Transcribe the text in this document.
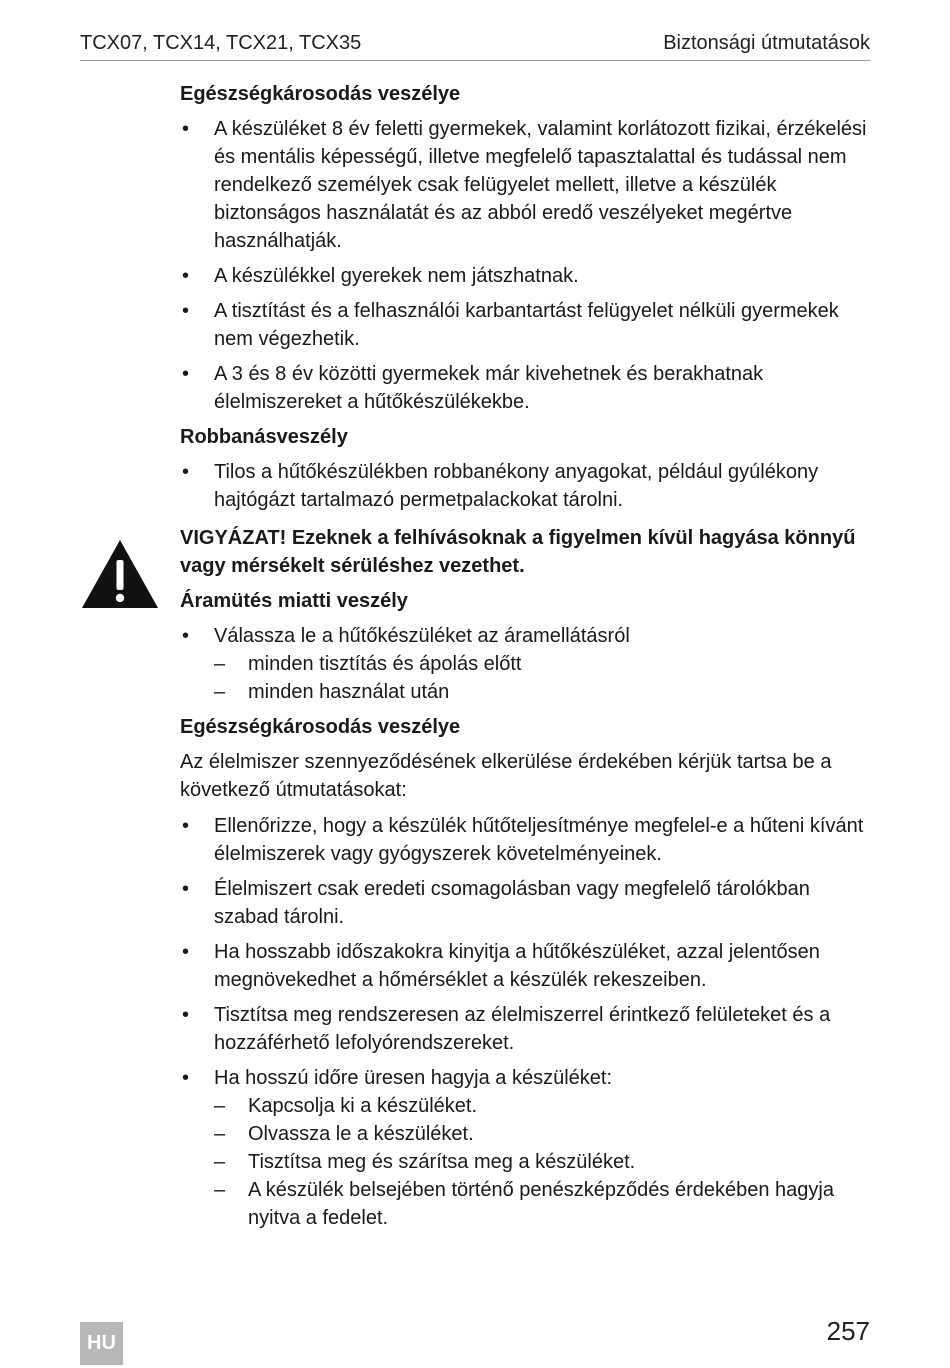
TCX07, TCX14, TCX21, TCX35	Biztonsági útmutatások
Egészségkárosodás veszélye
• A készüléket 8 év feletti gyermekek, valamint korlátozott fizikai, érzékelési és mentális képességű, illetve megfelelő tapasztalattal és tudással nem rendelkező személyek csak felügyelet mellett, illetve a készülék biztonságos használatát és az abból eredő veszélyeket megértve használhatják.
• A készülékkel gyerekek nem játszhatnak.
• A tisztítást és a felhasználói karbantartást felügyelet nélküli gyermekek nem végezhetik.
• A 3 és 8 év közötti gyermekek már kivehetnek és berakhatnak élelmiszereket a hűtőkészülékekbe.
Robbanásveszély
• Tilos a hűtőkészülékben robbanékony anyagokat, például gyúlékony hajtógázt tartalmazó permetpalackokat tárolni.
VIGYÁZAT! Ezeknek a felhívásoknak a figyelmen kívül hagyása könnyű vagy mérsékelt sérüléshez vezethet.
Áramütés miatti veszély
• Válassza le a hűtőkészüléket az áramellátásról
– minden tisztítás és ápolás előtt
– minden használat után
Egészségkárosodás veszélye
Az élelmiszer szennyeződésének elkerülése érdekében kérjük tartsa be a következő útmutatásokat:
• Ellenőrizze, hogy a készülék hűtőteljesítménye megfelel-e a hűteni kívánt élelmiszerek vagy gyógyszerek követelményeinek.
• Élelmiszert csak eredeti csomagolásban vagy megfelelő tárolókban szabad tárolni.
• Ha hosszabb időszakokra kinyitja a hűtőkészüléket, azzal jelentősen megnövekedhet a hőmérséklet a készülék rekeszeiben.
• Tisztítsa meg rendszeresen az élelmiszerrel érintkező felületeket és a hozzáférhető lefolyórendszereket.
• Ha hosszú időre üresen hagyja a készüléket:
– Kapcsolja ki a készüléket.
– Olvassza le a készüléket.
– Tisztítsa meg és szárítsa meg a készüléket.
– A készülék belsejében történő penészképződés érdekében hagyja nyitva a fedelet.
HU	257
